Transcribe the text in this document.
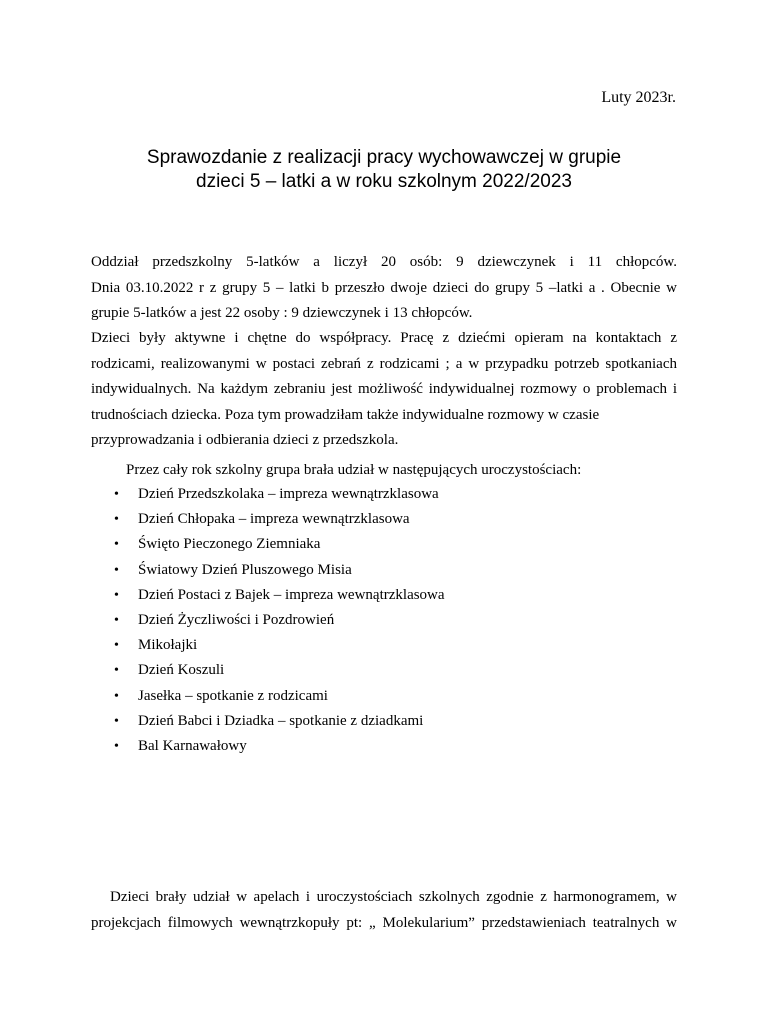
Luty 2023r.
Sprawozdanie z realizacji pracy wychowawczej w grupie
dzieci 5 – latki a w roku szkolnym 2022/2023
Oddział przedszkolny 5-latków a liczył 20 osób: 9 dziewczynek i 11 chłopców.
Dnia 03.10.2022 r z grupy 5 – latki b przeszło dwoje dzieci do grupy 5 –latki a . Obecnie w
grupie 5-latków a jest 22 osoby : 9 dziewczynek i 13 chłopców.
Dzieci były aktywne i chętne do współpracy. Pracę z dziećmi opieram na kontaktach z
rodzicami, realizowanymi w postaci zebrań z rodzicami ; a w przypadku potrzeb spotkaniach
indywidualnych. Na każdym zebraniu jest możliwość indywidualnej rozmowy o problemach i
trudnościach dziecka. Poza tym prowadziłam także indywidualne rozmowy w czasie
przyprowadzania i odbierania dzieci z przedszkola.
Przez cały rok szkolny grupa brała udział w następujących uroczystościach:
• Dzień Przedszkolaka – impreza wewnątrzklasowa
• Dzień Chłopaka – impreza wewnątrzklasowa
• Święto Pieczonego Ziemniaka
• Światowy Dzień Pluszowego Misia
• Dzień Postaci z Bajek – impreza wewnątrzklasowa
• Dzień Życzliwości i Pozdrowień
• Mikołajki
• Dzień Koszuli
• Jasełka – spotkanie z rodzicami
• Dzień Babci i Dziadka – spotkanie z dziadkami
• Bal Karnawałowy
Dzieci brały udział w apelach i uroczystościach szkolnych zgodnie z harmonogramem, w
projekcjach filmowych wewnątrzkopuły pt: „ Molekularium” przedstawieniach teatralnych w
